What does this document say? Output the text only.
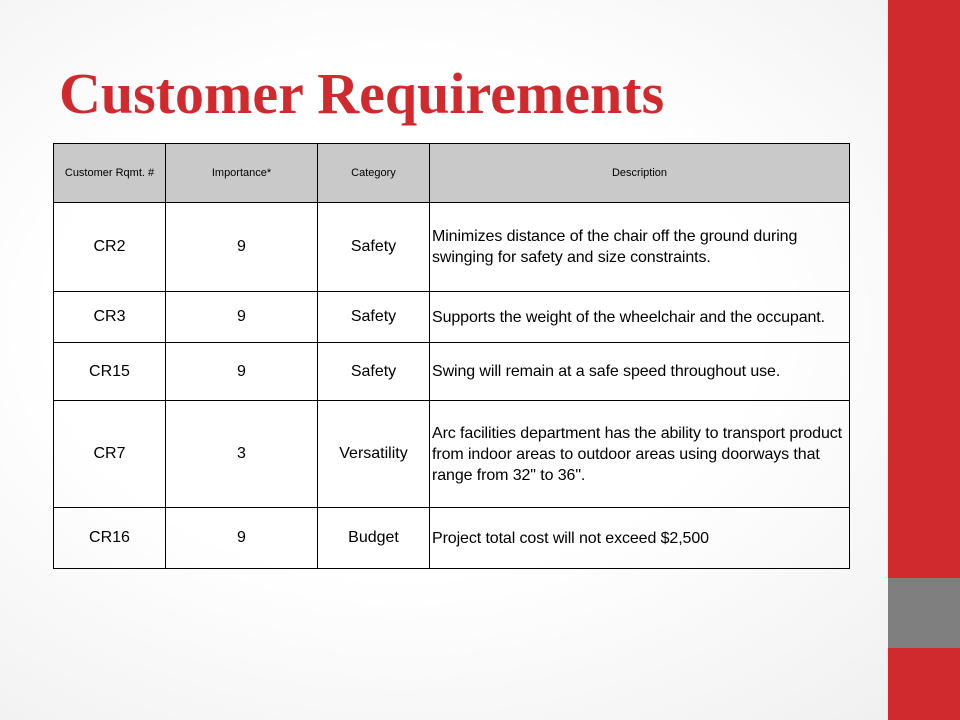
Customer Requirements
Customer Rqmt. #	Importance*	Category	Description
CR2	9	Safety	Minimizes distance of the chair off the ground during swinging for safety and size constraints.
CR3	9	Safety	Supports the weight of the wheelchair and the occupant.
CR15	9	Safety	Swing will remain at a safe speed throughout use.
CR7	3	Versatility	Arc facilities department has the ability to transport product from indoor areas to outdoor areas using doorways that range from 32" to 36".
CR16	9	Budget	Project total cost will not exceed $2,500
